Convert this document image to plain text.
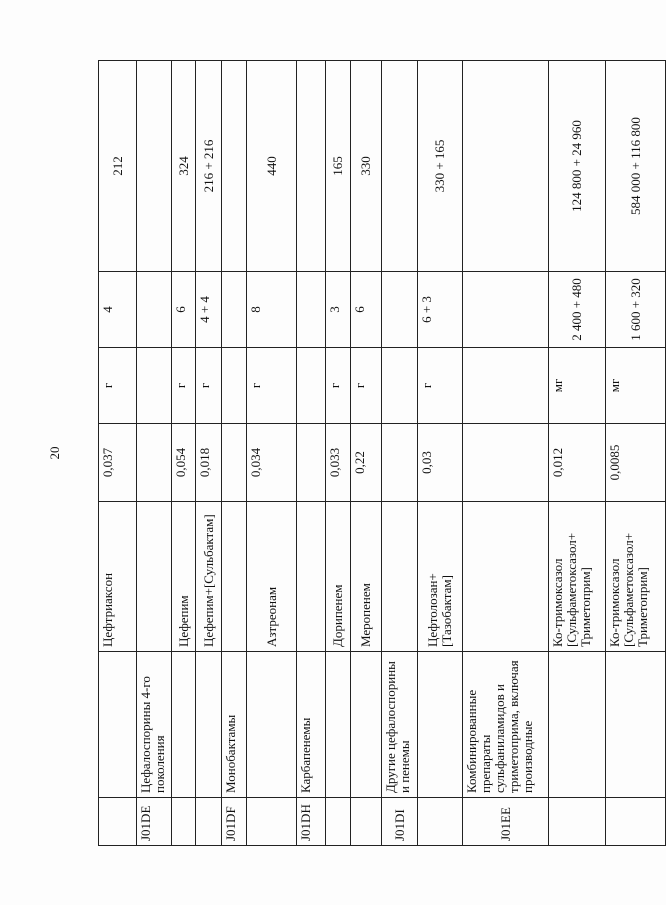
20
		Цефтриаксон	0,037	г	4	212
J01DE	Цефалоспорины 4-го поколения					
		Цефепим	0,054	г	6	324
		Цефепим+[Сульбактам]	0,018	г	4 + 4	216 + 216
J01DF	Монобактамы					
		Азтреонам	0,034	г	8	440
J01DH	Карбапенемы					
		Дорипенем	0,033	г	3	165
		Меропенем	0,22	г	6	330
J01DI	Другие цефалоспорины и пенемы					
		Цефтолозан+ [Тазобактам]	0,03	г	6 + 3	330 + 165
J01EE	Комбинированные препараты сульфаниламидов и триметоприма, включая производные					
		Ко-тримоксазол [Сульфаметоксазол+ Триметоприм]	0,012	мг	2 400 + 480	124 800 + 24 960
		Ко-тримоксазол [Сульфаметоксазол+ Триметоприм]	0,0085	мг	1 600 + 320	584 000 + 116 800
